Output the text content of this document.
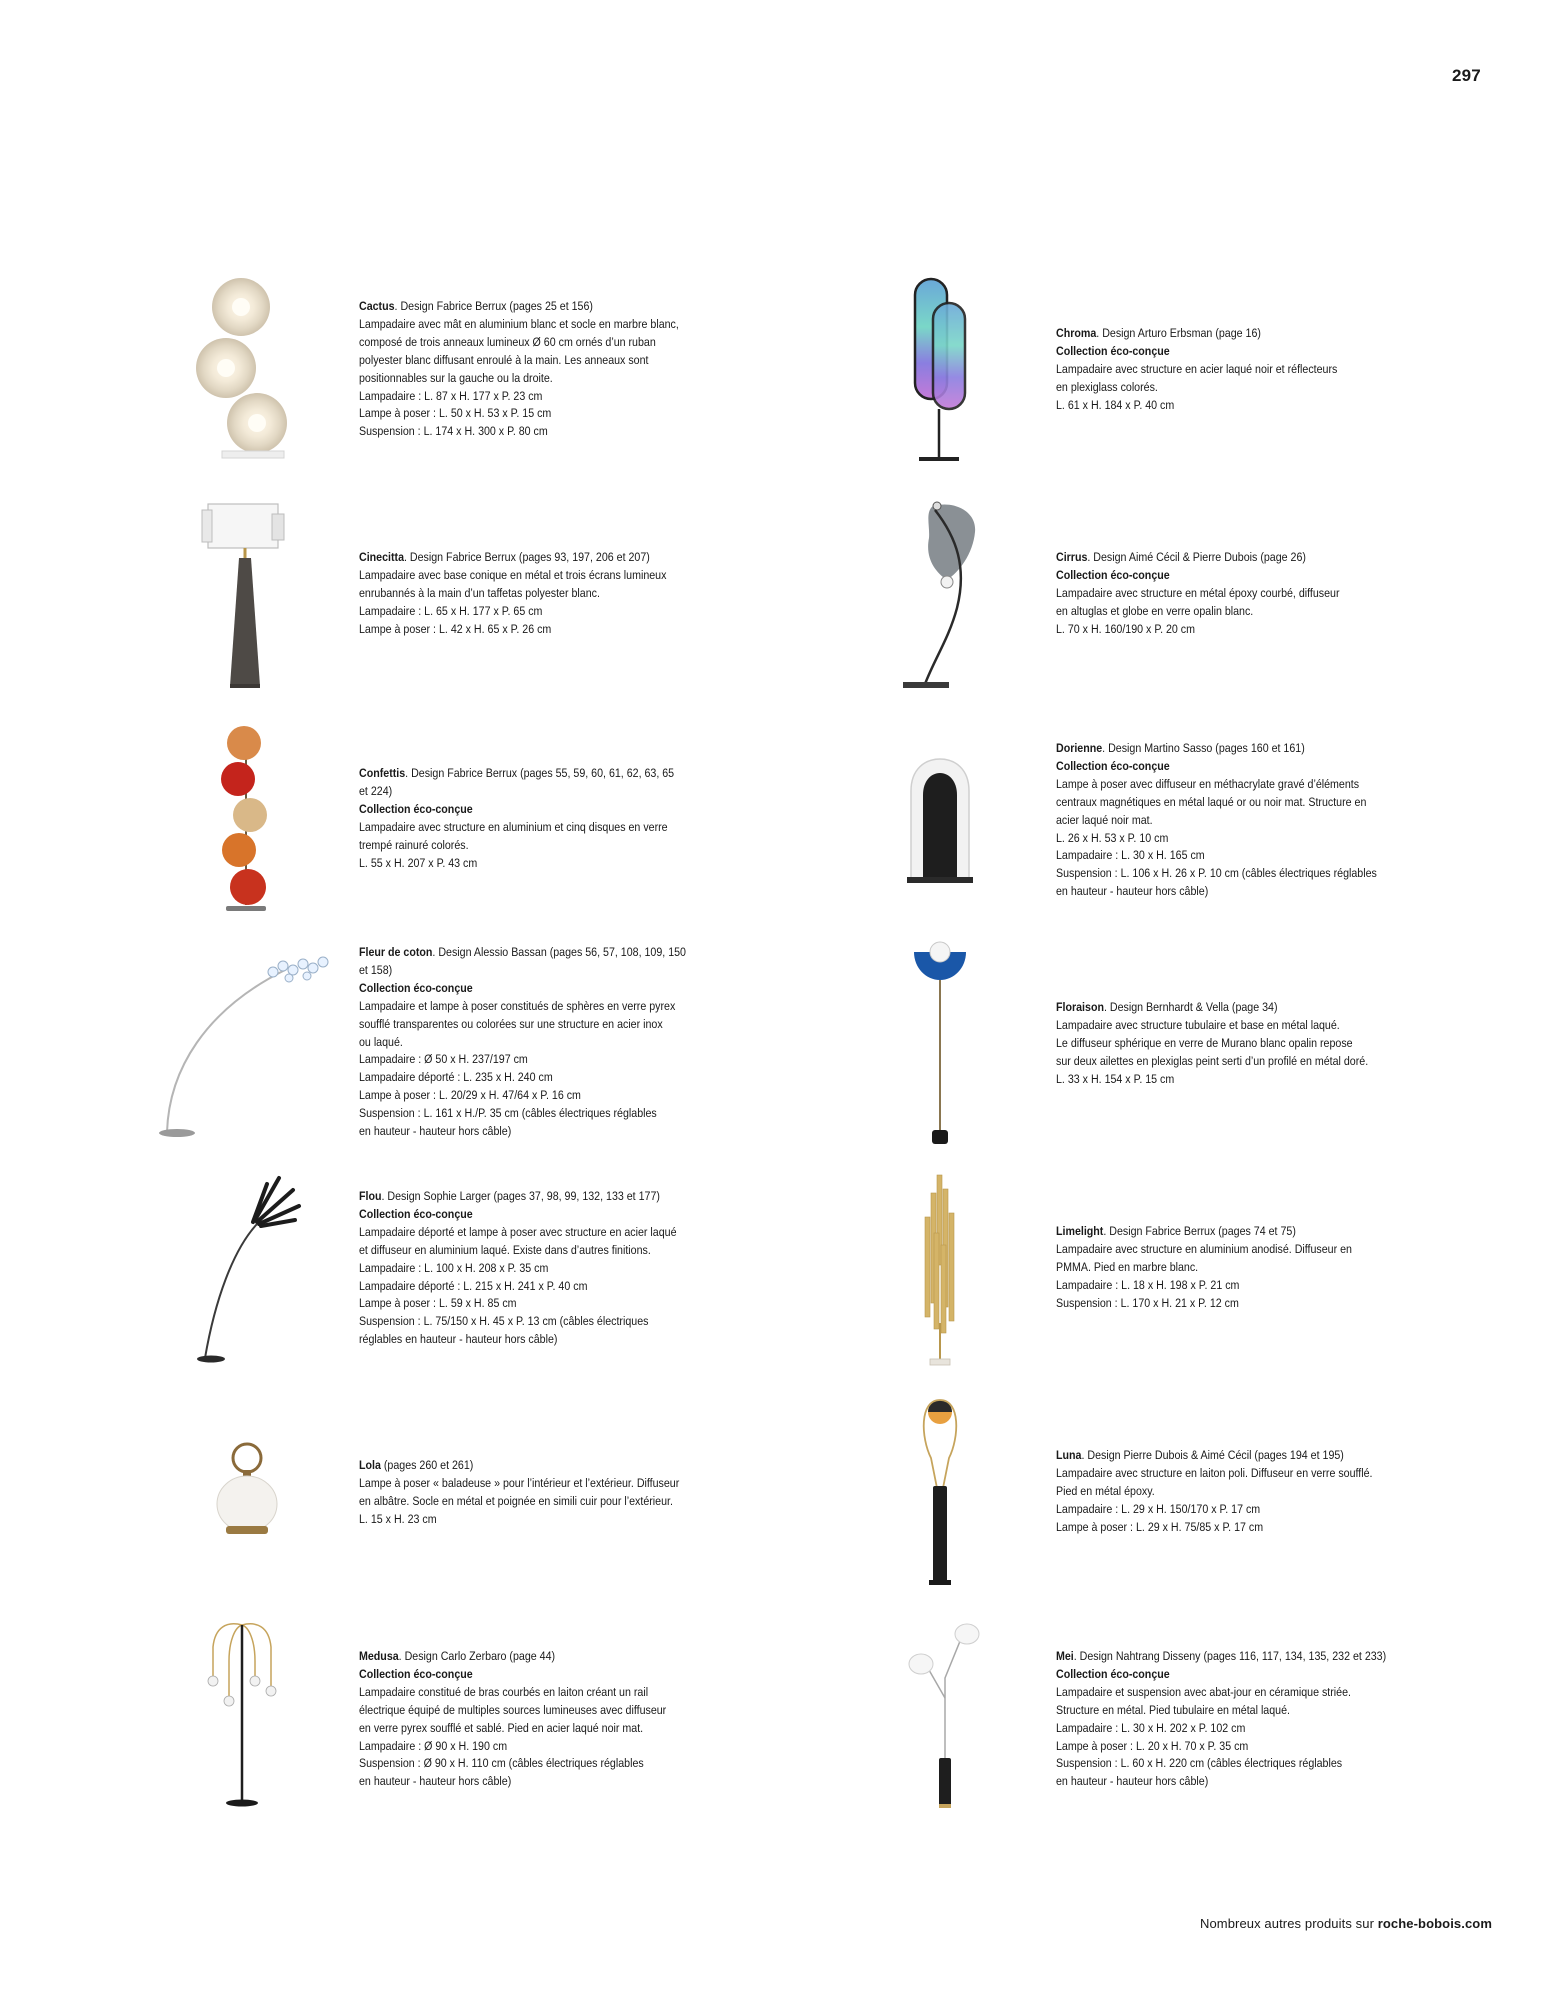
297
Cactus. Design Fabrice Berrux (pages 25 et 156)
Lampadaire avec mât en aluminium blanc et socle en marbre blanc,
composé de trois anneaux lumineux Ø 60 cm ornés d’un ruban
polyester blanc diffusant enroulé à la main. Les anneaux sont
positionnables sur la gauche ou la droite.
Lampadaire : L. 87 x H. 177 x P. 23 cm
Lampe à poser : L. 50 x H. 53 x P. 15 cm
Suspension : L. 174 x H. 300 x P. 80 cm
Chroma. Design Arturo Erbsman (page 16)
Collection éco-conçue
Lampadaire avec structure en acier laqué noir et réflecteurs
en plexiglass colorés.
L. 61 x H. 184 x P. 40 cm
Cinecitta. Design Fabrice Berrux (pages 93, 197, 206 et 207)
Lampadaire avec base conique en métal et trois écrans lumineux
enrubannés à la main d’un taffetas polyester blanc.
Lampadaire : L. 65 x H. 177 x P. 65 cm
Lampe à poser : L. 42 x H. 65 x P. 26 cm
Cirrus. Design Aimé Cécil & Pierre Dubois (page 26)
Collection éco-conçue
Lampadaire avec structure en métal époxy courbé, diffuseur
en altuglas et globe en verre opalin blanc.
L. 70 x H. 160/190 x P. 20 cm
Confettis. Design Fabrice Berrux (pages 55, 59, 60, 61, 62, 63, 65
et 224)
Collection éco-conçue
Lampadaire avec structure en aluminium et cinq disques en verre
trempé rainuré colorés.
L. 55 x H. 207 x P. 43 cm
Dorienne. Design Martino Sasso (pages 160 et 161)
Collection éco-conçue
Lampe à poser avec diffuseur en méthacrylate gravé d’éléments
centraux magnétiques en métal laqué or ou noir mat. Structure en
acier laqué noir mat.
L. 26 x H. 53 x P. 10 cm
Lampadaire : L. 30 x H. 165 cm
Suspension : L. 106 x H. 26 x P. 10 cm (câbles électriques réglables
en hauteur - hauteur hors câble)
Fleur de coton. Design Alessio Bassan (pages 56, 57, 108, 109, 150
et 158)
Collection éco-conçue
Lampadaire et lampe à poser constitués de sphères en verre pyrex
soufflé transparentes ou colorées sur une structure en acier inox
ou laqué.
Lampadaire : Ø 50 x H. 237/197 cm
Lampadaire déporté : L. 235 x H. 240 cm
Lampe à poser : L. 20/29 x H. 47/64 x P. 16 cm
Suspension : L. 161 x H./P. 35 cm (câbles électriques réglables
en hauteur - hauteur hors câble)
Floraison. Design Bernhardt & Vella (page 34)
Lampadaire avec structure tubulaire et base en métal laqué.
Le diffuseur sphérique en verre de Murano blanc opalin repose
sur deux ailettes en plexiglas peint serti d’un profilé en métal doré.
L. 33 x H. 154 x P. 15 cm
Flou. Design Sophie Larger (pages 37, 98, 99, 132, 133 et 177)
Collection éco-conçue
Lampadaire déporté et lampe à poser avec structure en acier laqué
et diffuseur en aluminium laqué. Existe dans d’autres finitions.
Lampadaire : L. 100 x H. 208 x P. 35 cm
Lampadaire déporté : L. 215 x H. 241 x P. 40 cm
Lampe à poser : L. 59 x H. 85 cm
Suspension : L. 75/150 x H. 45 x P. 13 cm (câbles électriques
réglables en hauteur - hauteur hors câble)
Limelight. Design Fabrice Berrux (pages 74 et 75)
Lampadaire avec structure en aluminium anodisé. Diffuseur en
PMMA. Pied en marbre blanc.
Lampadaire : L. 18 x H. 198 x P. 21 cm
Suspension : L. 170 x H. 21 x P. 12 cm
Lola (pages 260 et 261)
Lampe à poser « baladeuse » pour l’intérieur et l’extérieur. Diffuseur
en albâtre. Socle en métal et poignée en simili cuir pour l’extérieur.
L. 15 x H. 23 cm
Luna. Design Pierre Dubois & Aimé Cécil (pages 194 et 195)
Lampadaire avec structure en laiton poli. Diffuseur en verre soufflé.
Pied en métal époxy.
Lampadaire : L. 29 x H. 150/170 x P. 17 cm
Lampe à poser : L. 29 x H. 75/85 x P. 17 cm
Medusa. Design Carlo Zerbaro (page 44)
Collection éco-conçue
Lampadaire constitué de bras courbés en laiton créant un rail
électrique équipé de multiples sources lumineuses avec diffuseur
en verre pyrex soufflé et sablé. Pied en acier laqué noir mat.
Lampadaire : Ø 90 x H. 190 cm
Suspension : Ø 90 x H. 110 cm (câbles électriques réglables
en hauteur - hauteur hors câble)
Mei. Design Nahtrang Disseny (pages 116, 117, 134, 135, 232 et 233)
Collection éco-conçue
Lampadaire et suspension avec abat-jour en céramique striée.
Structure en métal. Pied tubulaire en métal laqué.
Lampadaire : L. 30 x H. 202 x P. 102 cm
Lampe à poser : L. 20 x H. 70 x P. 35 cm
Suspension : L. 60 x H. 220 cm (câbles électriques réglables
en hauteur - hauteur hors câble)
Nombreux autres produits sur roche-bobois.com
